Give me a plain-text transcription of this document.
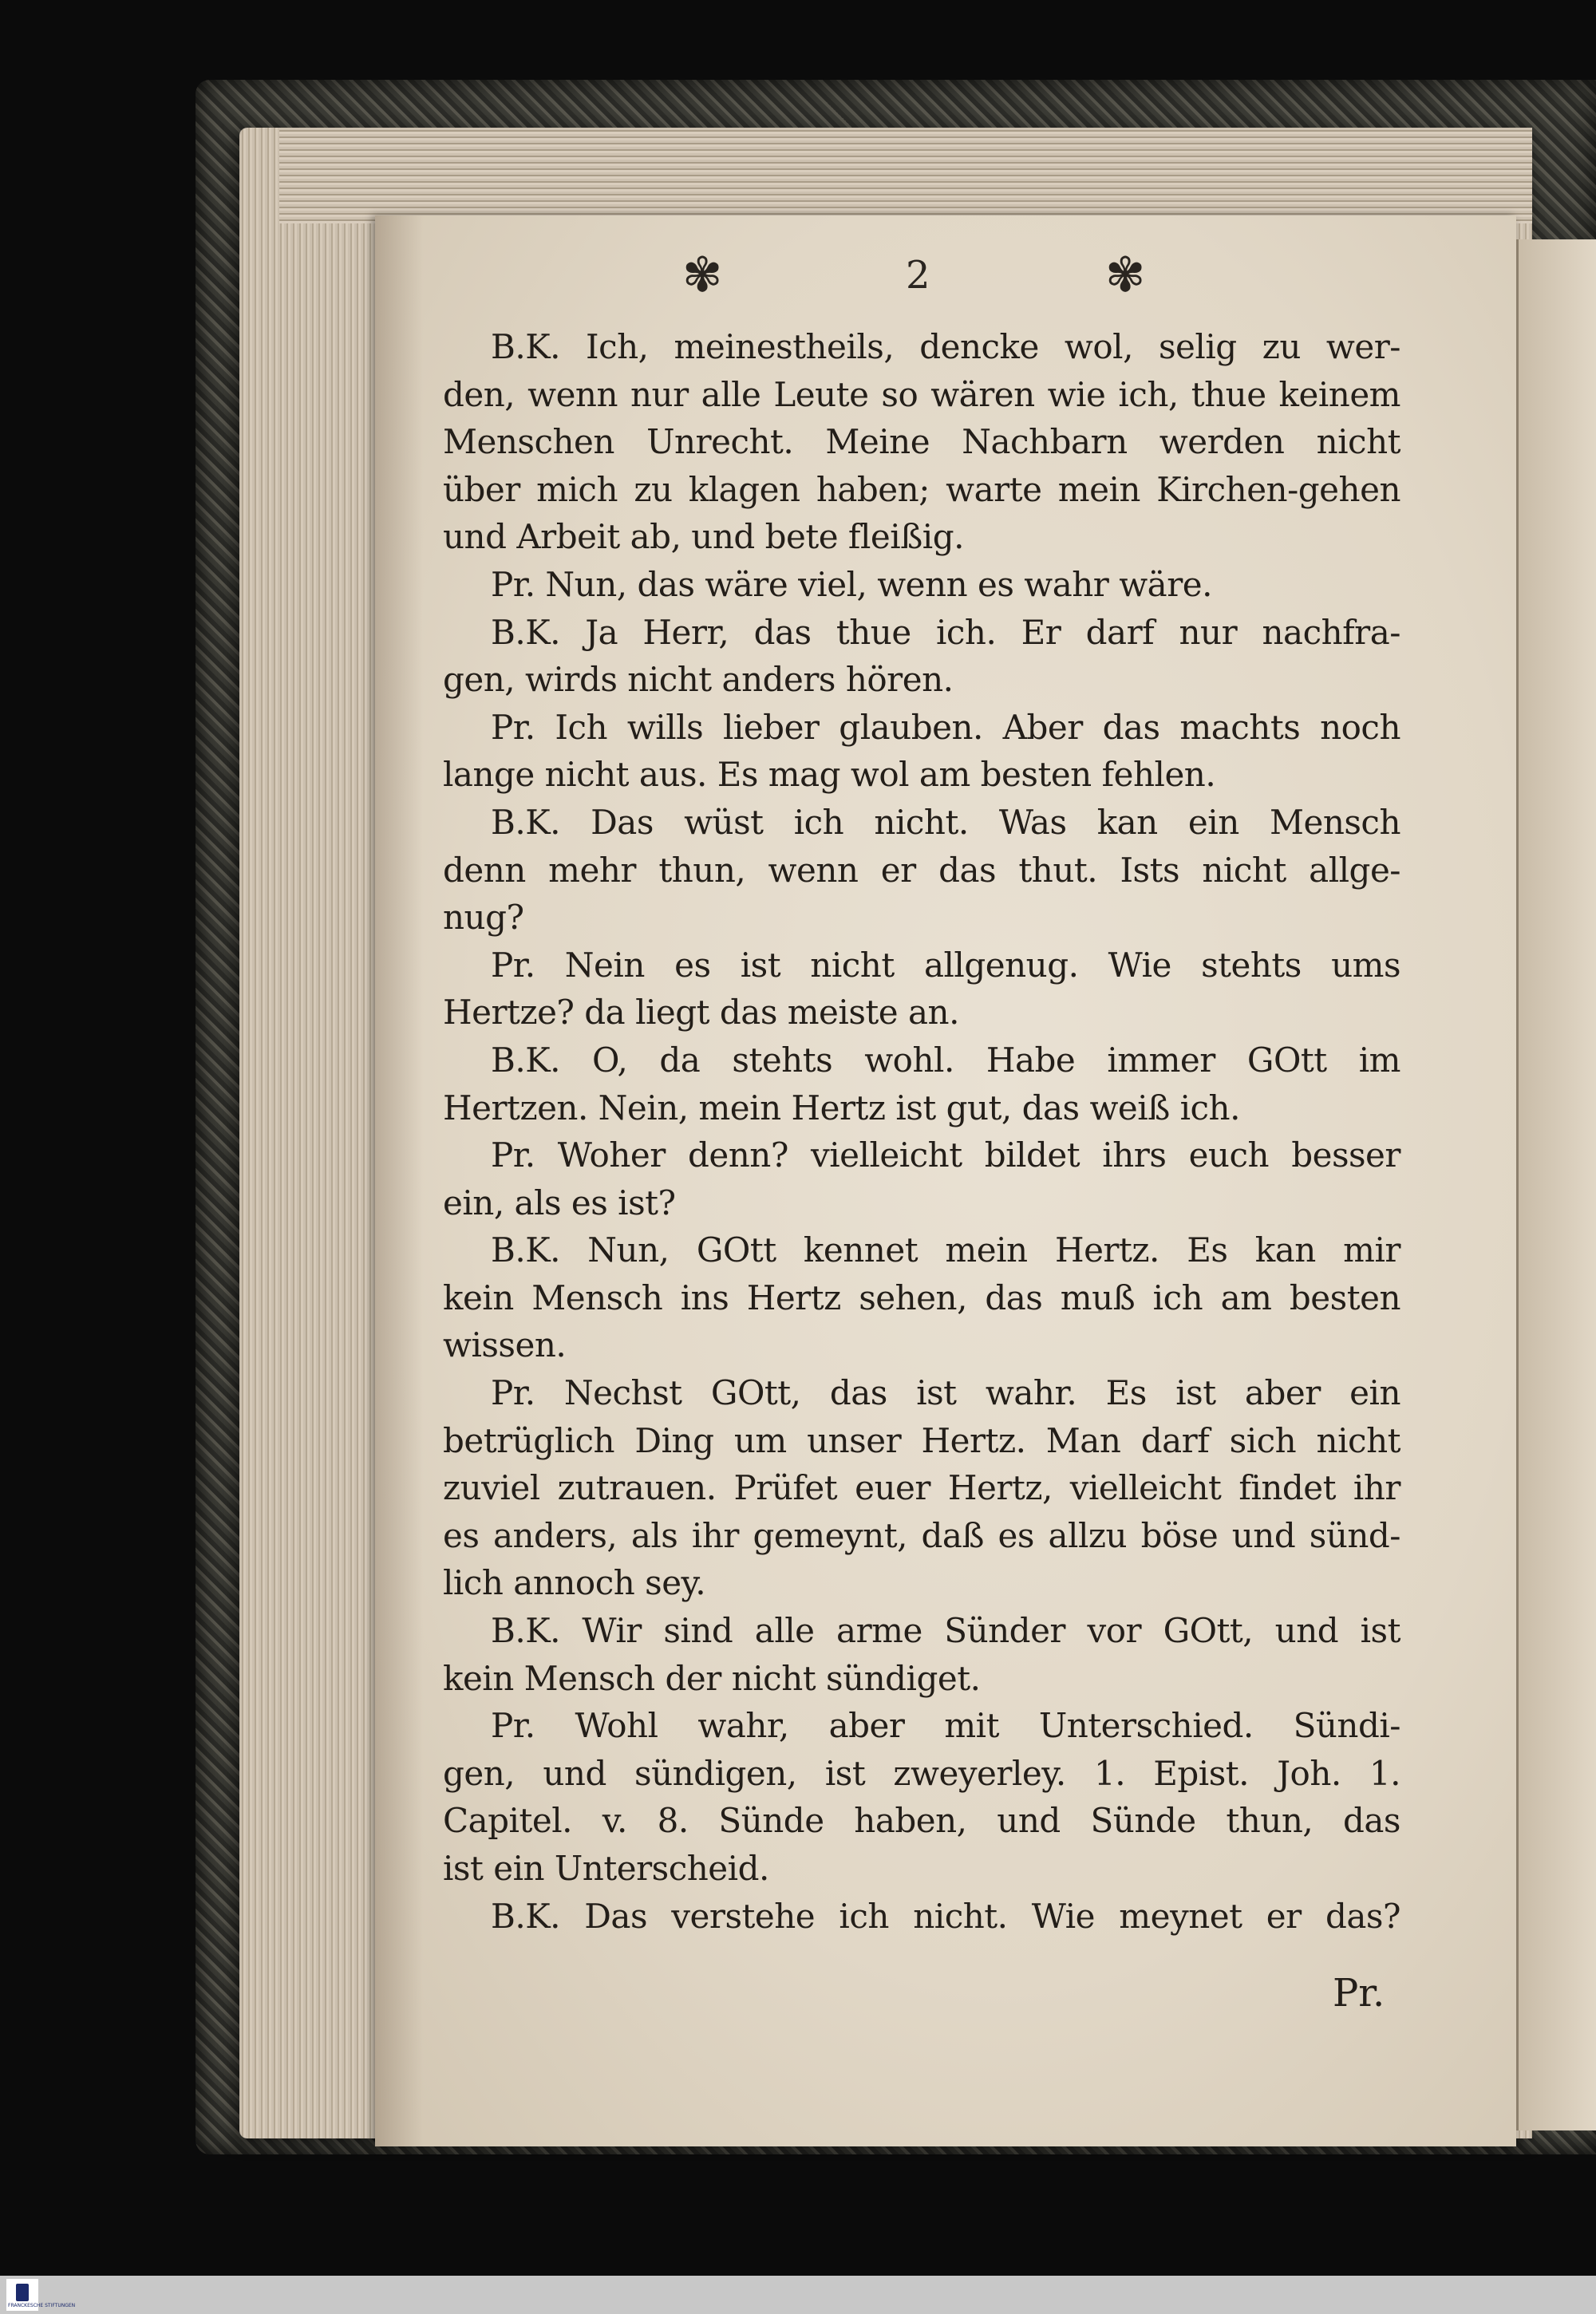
✾	2	✾
B.K. Ich, meinestheils, dencke wol, selig zu wer-
den, wenn nur alle Leute so wären wie ich, thue keinem
Menschen Unrecht. Meine Nachbarn werden nicht
über mich zu klagen haben; warte mein Kirchen-gehen
und Arbeit ab, und bete fleißig.
Pr. Nun, das wäre viel, wenn es wahr wäre.
B.K. Ja Herr, das thue ich. Er darf nur nachfra-
gen, wirds nicht anders hören.
Pr. Ich wills lieber glauben. Aber das machts noch
lange nicht aus. Es mag wol am besten fehlen.
B.K. Das wüst ich nicht. Was kan ein Mensch
denn mehr thun, wenn er das thut. Ists nicht allge-
nug?
Pr. Nein es ist nicht allgenug. Wie stehts ums
Hertze? da liegt das meiste an.
B.K. O, da stehts wohl. Habe immer GOtt im
Hertzen. Nein, mein Hertz ist gut, das weiß ich.
Pr. Woher denn? vielleicht bildet ihrs euch besser
ein, als es ist?
B.K. Nun, GOtt kennet mein Hertz. Es kan mir
kein Mensch ins Hertz sehen, das muß ich am besten
wissen.
Pr. Nechst GOtt, das ist wahr. Es ist aber ein
betrüglich Ding um unser Hertz. Man darf sich nicht
zuviel zutrauen. Prüfet euer Hertz, vielleicht findet ihr
es anders, als ihr gemeynt, daß es allzu böse und sünd-
lich annoch sey.
B.K. Wir sind alle arme Sünder vor GOtt, und ist
kein Mensch der nicht sündiget.
Pr. Wohl wahr, aber mit Unterschied. Sündi-
gen, und sündigen, ist zweyerley. 1. Epist. Joh. 1.
Capitel. v. 8. Sünde haben, und Sünde thun, das
ist ein Unterscheid.
B.K. Das verstehe ich nicht. Wie meynet er das?
Pr.
FRANCKESCHE STIFTUNGEN
